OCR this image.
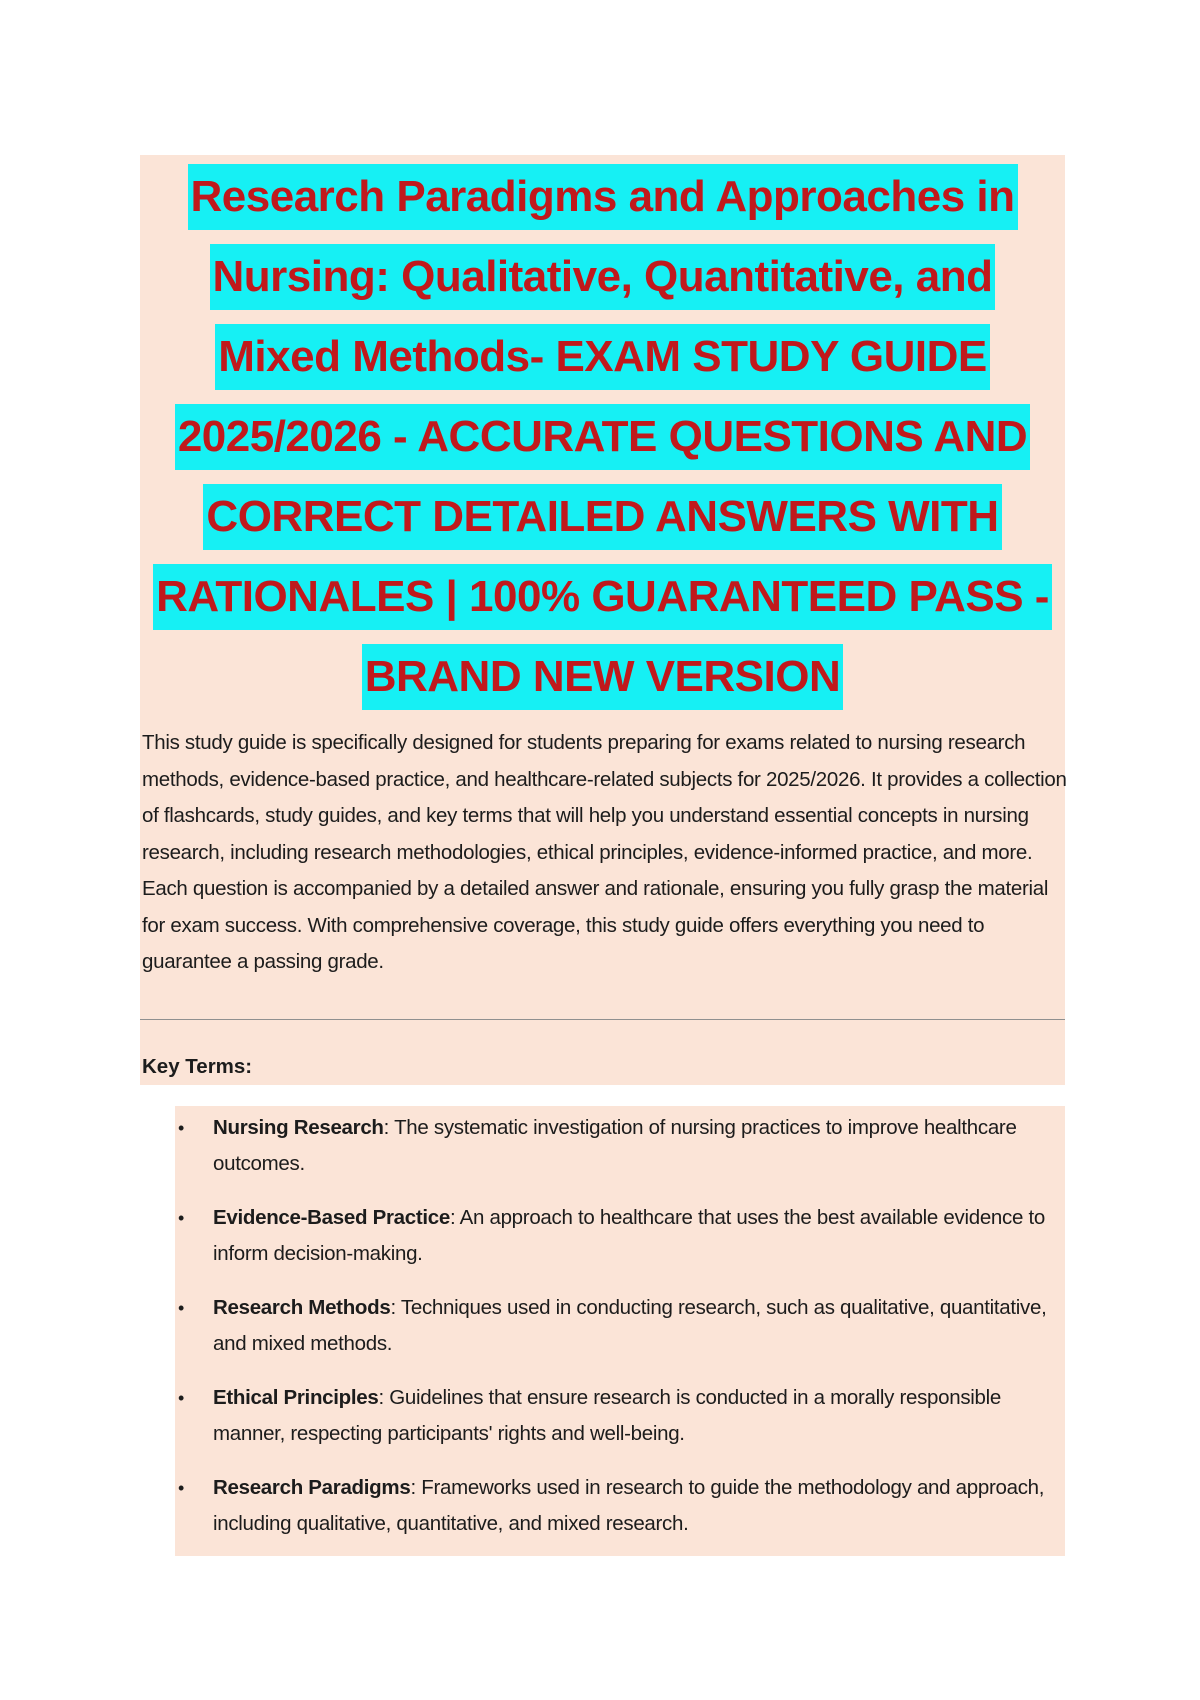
Research Paradigms and Approaches in

Nursing: Qualitative, Quantitative, and

Mixed Methods- EXAM STUDY GUIDE

2025/2026 - ACCURATE QUESTIONS AND

CORRECT DETAILED ANSWERS WITH

RATIONALES | 100% GUARANTEED PASS -

BRAND NEW VERSION

This study guide is specifically designed for students preparing for exams related to nursing research methods, evidence-based practice, and healthcare-related subjects for 2025/2026. It provides a collection of flashcards, study guides, and key terms that will help you understand essential concepts in nursing research, including research methodologies, ethical principles, evidence-informed practice, and more. Each question is accompanied by a detailed answer and rationale, ensuring you fully grasp the material for exam success. With comprehensive coverage, this study guide offers everything you need to guarantee a passing grade.

Key Terms:

• Nursing Research: The systematic investigation of nursing practices to improve healthcare outcomes.
• Evidence-Based Practice: An approach to healthcare that uses the best available evidence to inform decision-making.
• Research Methods: Techniques used in conducting research, such as qualitative, quantitative, and mixed methods.
• Ethical Principles: Guidelines that ensure research is conducted in a morally responsible manner, respecting participants' rights and well-being.
• Research Paradigms: Frameworks used in research to guide the methodology and approach, including qualitative, quantitative, and mixed research.
